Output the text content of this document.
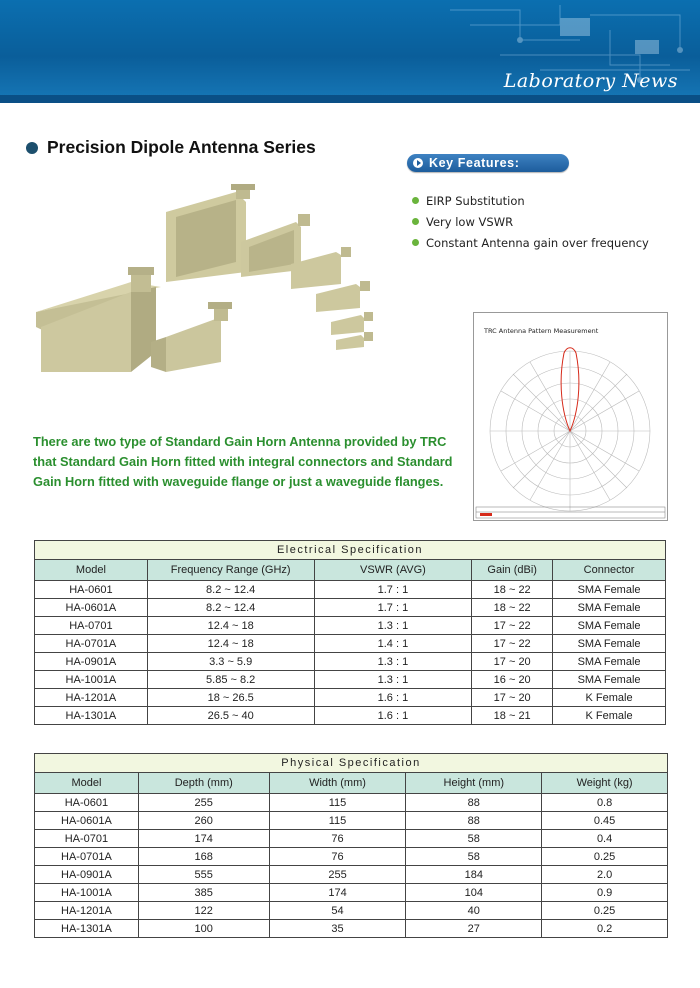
Laboratory News
Precision Dipole Antenna Series
Key Features:
EIRP Substitution
Very low VSWR
Constant Antenna gain over frequency
TRC Antenna Pattern Measurement
There are two type of Standard Gain Horn Antenna provided by TRC that Standard Gain Horn fitted with integral connectors and Standard Gain Horn fitted with waveguide flange or just a waveguide flanges.
Electrical Specification				
Model	Frequency Range (GHz)	VSWR (AVG)	Gain (dBi)	Connector
HA-0601	8.2 ~ 12.4	1.7 : 1	18 ~ 22	SMA Female
HA-0601A	8.2 ~ 12.4	1.7 : 1	18 ~ 22	SMA Female
HA-0701	12.4 ~ 18	1.3 : 1	17 ~ 22	SMA Female
HA-0701A	12.4 ~ 18	1.4 : 1	17 ~ 22	SMA Female
HA-0901A	3.3 ~ 5.9	1.3 : 1	17 ~ 20	SMA Female
HA-1001A	5.85 ~ 8.2	1.3 : 1	16 ~ 20	SMA Female
HA-1201A	18 ~ 26.5	1.6 : 1	17 ~ 20	K Female
HA-1301A	26.5 ~ 40	1.6 : 1	18 ~ 21	K Female
Physical Specification				
Model	Depth (mm)	Width (mm)	Height (mm)	Weight (kg)
HA-0601	255	115	88	0.8
HA-0601A	260	115	88	0.45
HA-0701	174	76	58	0.4
HA-0701A	168	76	58	0.25
HA-0901A	555	255	184	2.0
HA-1001A	385	174	104	0.9
HA-1201A	122	54	40	0.25
HA-1301A	100	35	27	0.2
